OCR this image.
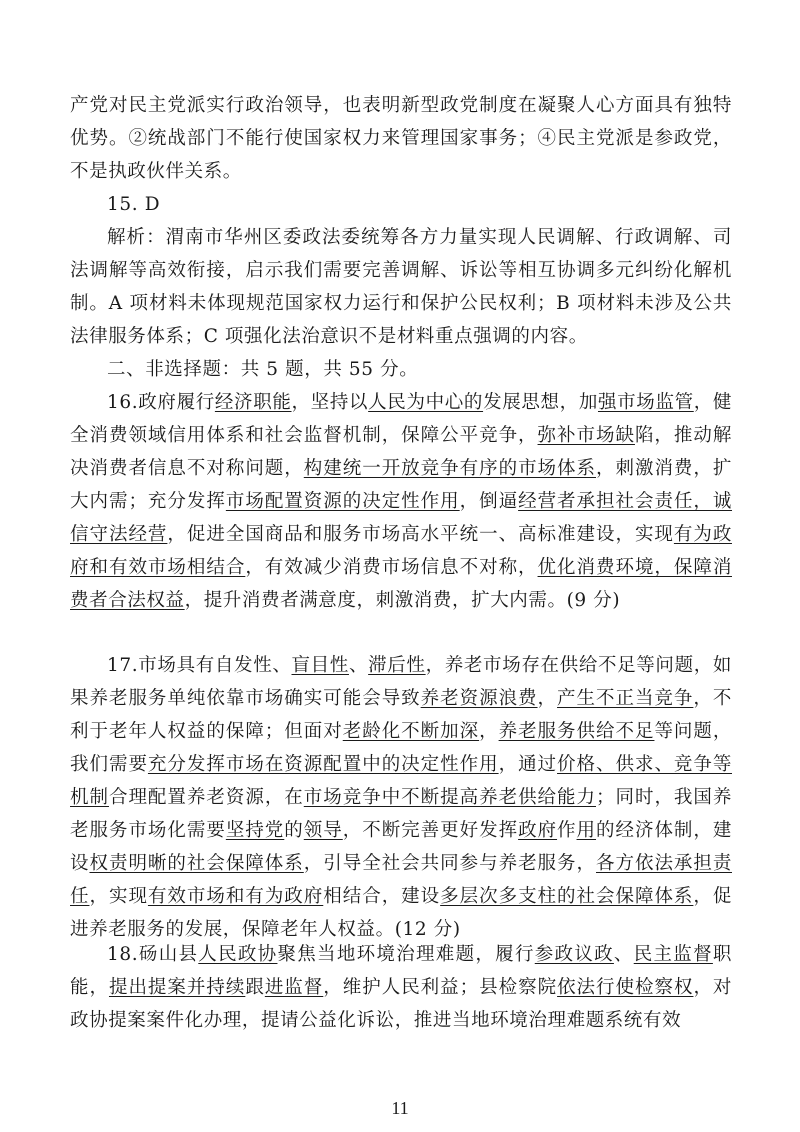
产党对民主党派实行政治领导，也表明新型政党制度在凝聚人心方面具有独特优势。②统战部门不能行使国家权力来管理国家事务；④民主党派是参政党，不是执政伙伴关系。

15. D

解析：渭南市华州区委政法委统筹各方力量实现人民调解、行政调解、司法调解等高效衔接，启示我们需要完善调解、诉讼等相互协调多元纠纷化解机制。A 项材料未体现规范国家权力运行和保护公民权利；B 项材料未涉及公共法律服务体系；C 项强化法治意识不是材料重点强调的内容。

二、非选择题：共 5 题，共 55 分。

16.政府履行经济职能，坚持以人民为中心的发展思想，加强市场监管，健全消费领域信用体系和社会监督机制，保障公平竞争，弥补市场缺陷，推动解决消费者信息不对称问题，构建统一开放竞争有序的市场体系，刺激消费，扩大内需；充分发挥市场配置资源的决定性作用，倒逼经营者承担社会责任，诚信守法经营，促进全国商品和服务市场高水平统一、高标准建设，实现有为政府和有效市场相结合，有效减少消费市场信息不对称，优化消费环境，保障消费者合法权益，提升消费者满意度，刺激消费，扩大内需。(9 分)

17.市场具有自发性、盲目性、滞后性，养老市场存在供给不足等问题，如果养老服务单纯依靠市场确实可能会导致养老资源浪费，产生不正当竞争，不利于老年人权益的保障；但面对老龄化不断加深，养老服务供给不足等问题，我们需要充分发挥市场在资源配置中的决定性作用，通过价格、供求、竞争等机制合理配置养老资源，在市场竞争中不断提高养老供给能力；同时，我国养老服务市场化需要坚持党的领导，不断完善更好发挥政府作用的经济体制，建设权责明晰的社会保障体系，引导全社会共同参与养老服务，各方依法承担责任，实现有效市场和有为政府相结合，建设多层次多支柱的社会保障体系，促进养老服务的发展，保障老年人权益。(12 分)

18.砀山县人民政协聚焦当地环境治理难题，履行参政议政、民主监督职能，提出提案并持续跟进监督，维护人民利益；县检察院依法行使检察权，对政协提案案件化办理，提请公益化诉讼，推进当地环境治理难题系统有效

11
